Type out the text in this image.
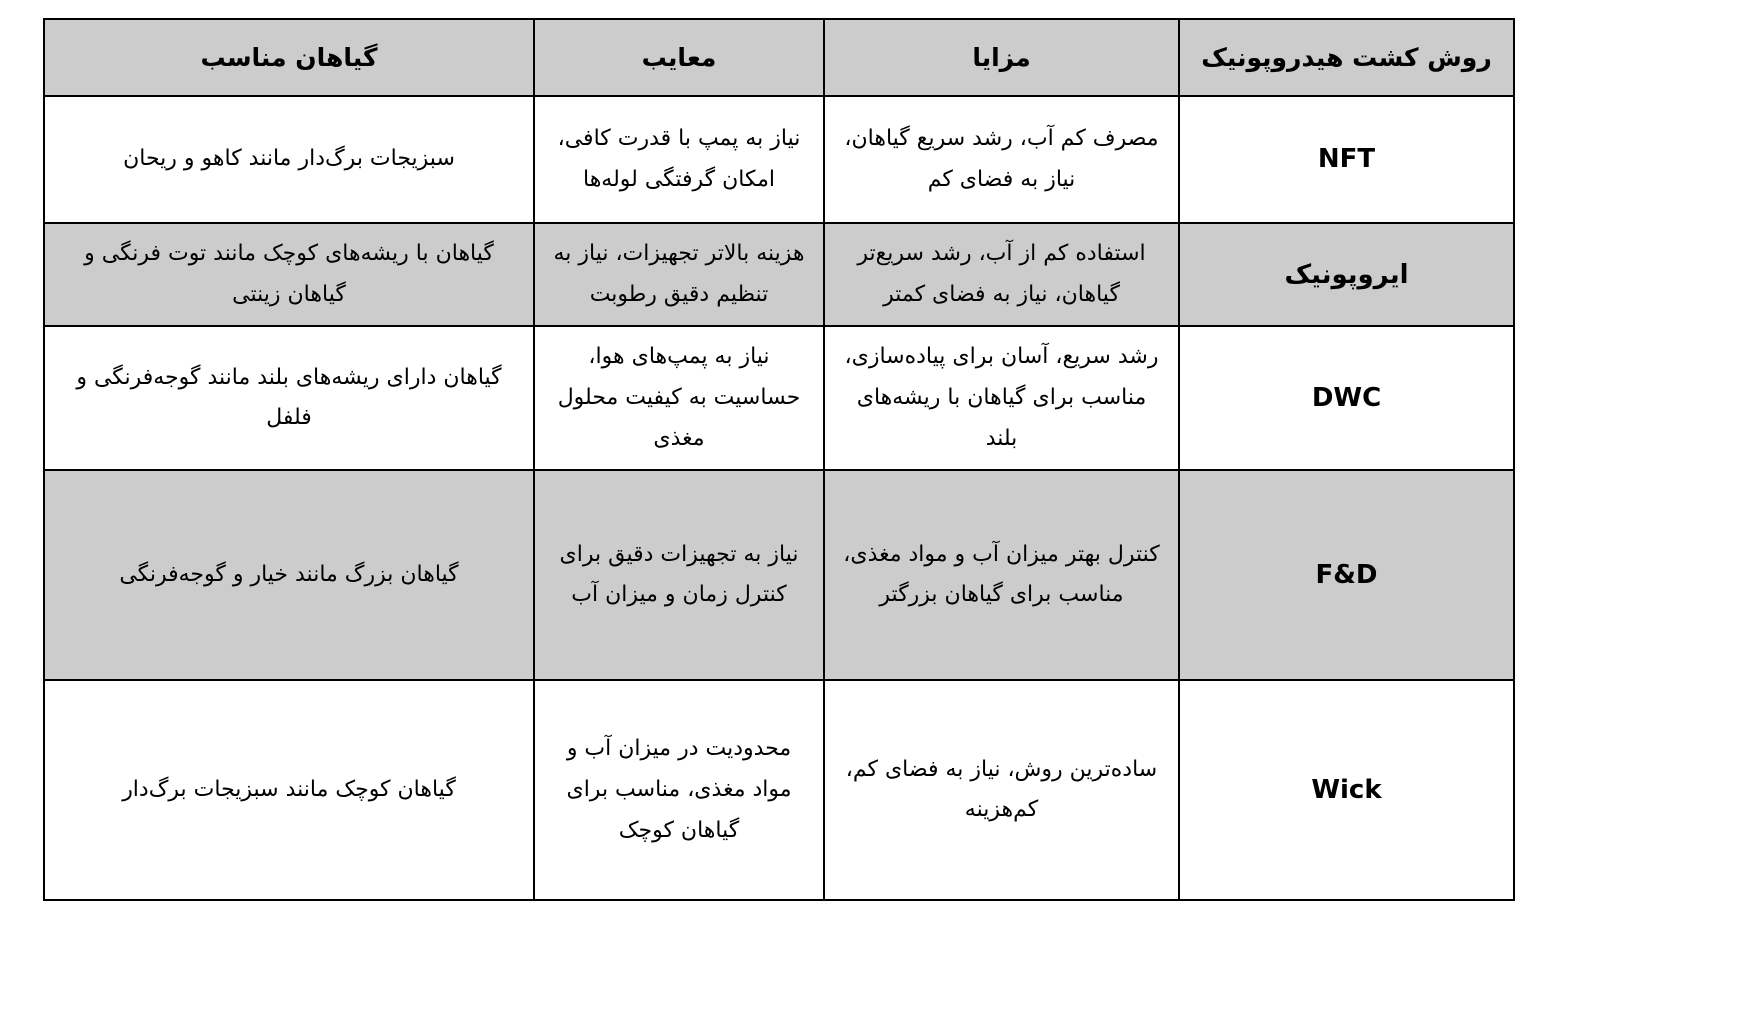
روش کشت هیدروپونیک	مزایا	معایب	گیاهان مناسب
NFT	مصرف کم آب، رشد سریع گیاهان، نیاز به فضای کم	نیاز به پمپ با قدرت کافی، امکان گرفتگی لوله‌ها	سبزیجات برگ‌دار مانند کاهو و ریحان
ایروپونیک	استفاده کم از آب، رشد سریع‌تر گیاهان، نیاز به فضای کمتر	هزینه بالاتر تجهیزات، نیاز به تنظیم دقیق رطوبت	گیاهان با ریشه‌های کوچک مانند توت فرنگی و گیاهان زینتی
DWC	رشد سریع، آسان برای پیاده‌سازی، مناسب برای گیاهان با ریشه‌های بلند	نیاز به پمپ‌های هوا، حساسیت به کیفیت محلول مغذی	گیاهان دارای ریشه‌های بلند مانند گوجه‌فرنگی و فلفل
F&D	کنترل بهتر میزان آب و مواد مغذی، مناسب برای گیاهان بزرگتر	نیاز به تجهیزات دقیق برای کنترل زمان و میزان آب	گیاهان بزرگ مانند خیار و گوجه‌فرنگی
Wick	ساده‌ترین روش، نیاز به فضای کم، کم‌هزینه	محدودیت در میزان آب و مواد مغذی، مناسب برای گیاهان کوچک	گیاهان کوچک مانند سبزیجات برگ‌دار
